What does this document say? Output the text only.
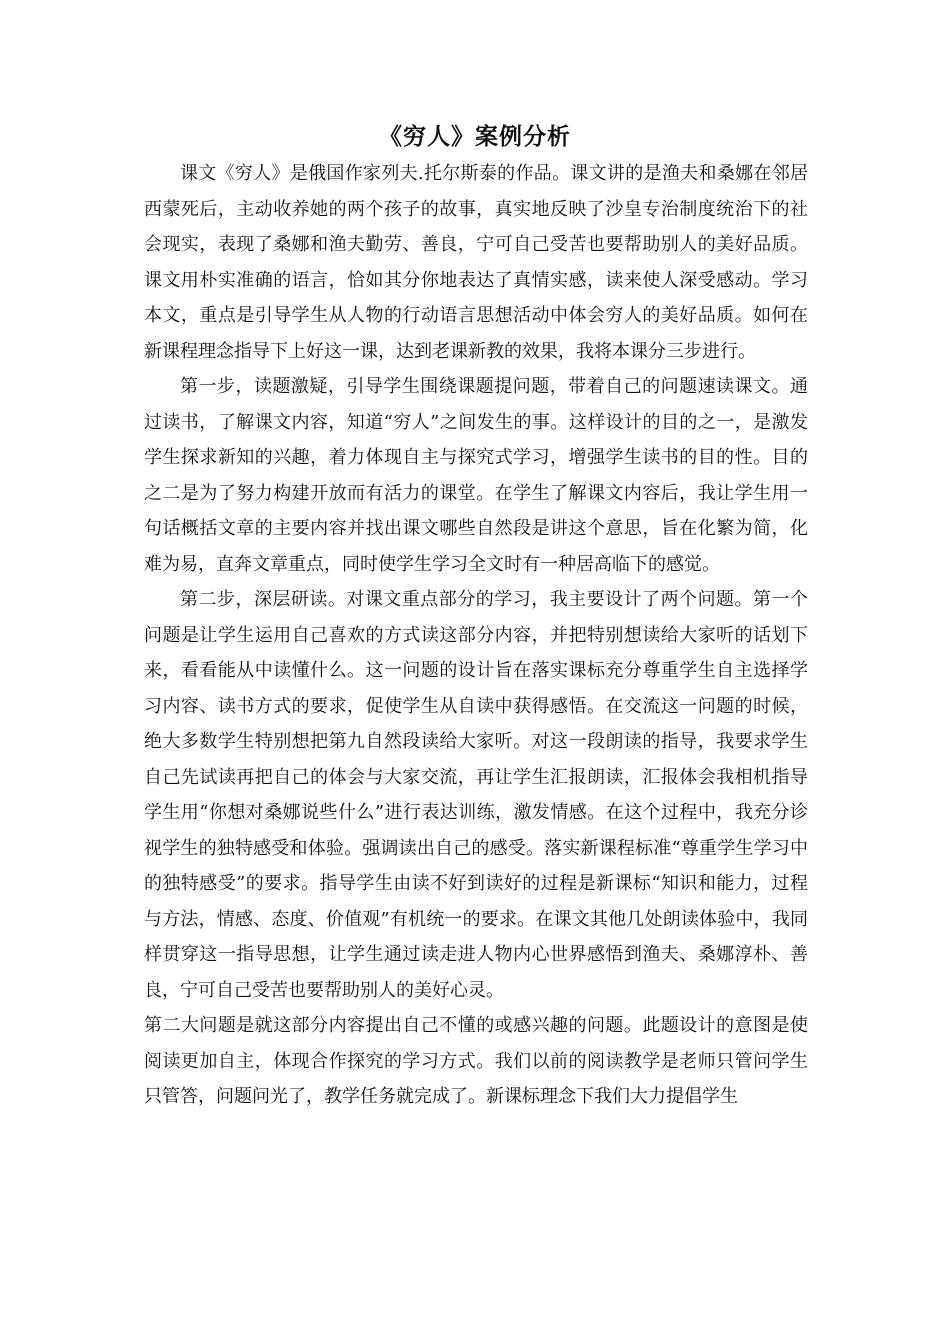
《穷人》案例分析

课文《穷人》是俄国作家列夫.托尔斯泰的作品。课文讲的是渔夫和桑娜在邻居西蒙死后，主动收养她的两个孩子的故事，真实地反映了沙皇专治制度统治下的社会现实，表现了桑娜和渔夫勤劳、善良，宁可自己受苦也要帮助别人的美好品质。课文用朴实准确的语言，恰如其分你地表达了真情实感，读来使人深受感动。学习本文，重点是引导学生从人物的行动语言思想活动中体会穷人的美好品质。如何在新课程理念指导下上好这一课，达到老课新教的效果，我将本课分三步进行。

第一步，读题激疑，引导学生围绕课题提问题，带着自己的问题速读课文。通过读书，了解课文内容，知道“穷人”之间发生的事。这样设计的目的之一，是激发学生探求新知的兴趣，着力体现自主与探究式学习，增强学生读书的目的性。目的之二是为了努力构建开放而有活力的课堂。在学生了解课文内容后，我让学生用一句话概括文章的主要内容并找出课文哪些自然段是讲这个意思，旨在化繁为简，化难为易，直奔文章重点，同时使学生学习全文时有一种居高临下的感觉。

第二步，深层研读。对课文重点部分的学习，我主要设计了两个问题。第一个问题是让学生运用自己喜欢的方式读这部分内容，并把特别想读给大家听的话划下来，看看能从中读懂什么。这一问题的设计旨在落实课标充分尊重学生自主选择学习内容、读书方式的要求，促使学生从自读中获得感悟。在交流这一问题的时候，绝大多数学生特别想把第九自然段读给大家听。对这一段朗读的指导，我要求学生自己先试读再把自己的体会与大家交流，再让学生汇报朗读，汇报体会我相机指导学生用“你想对桑娜说些什么”进行表达训练，激发情感。在这个过程中，我充分诊视学生的独特感受和体验。强调读出自己的感受。落实新课程标准“尊重学生学习中的独特感受”的要求。指导学生由读不好到读好的过程是新课标“知识和能力，过程与方法，情感、态度、价值观”有机统一的要求。在课文其他几处朗读体验中，我同样贯穿这一指导思想，让学生通过读走进人物内心世界感悟到渔夫、桑娜淳朴、善良，宁可自己受苦也要帮助别人的美好心灵。

第二大问题是就这部分内容提出自己不懂的或感兴趣的问题。此题设计的意图是使阅读更加自主，体现合作探究的学习方式。我们以前的阅读教学是老师只管问学生只管答，问题问光了，教学任务就完成了。新课标理念下我们大力提倡学生
